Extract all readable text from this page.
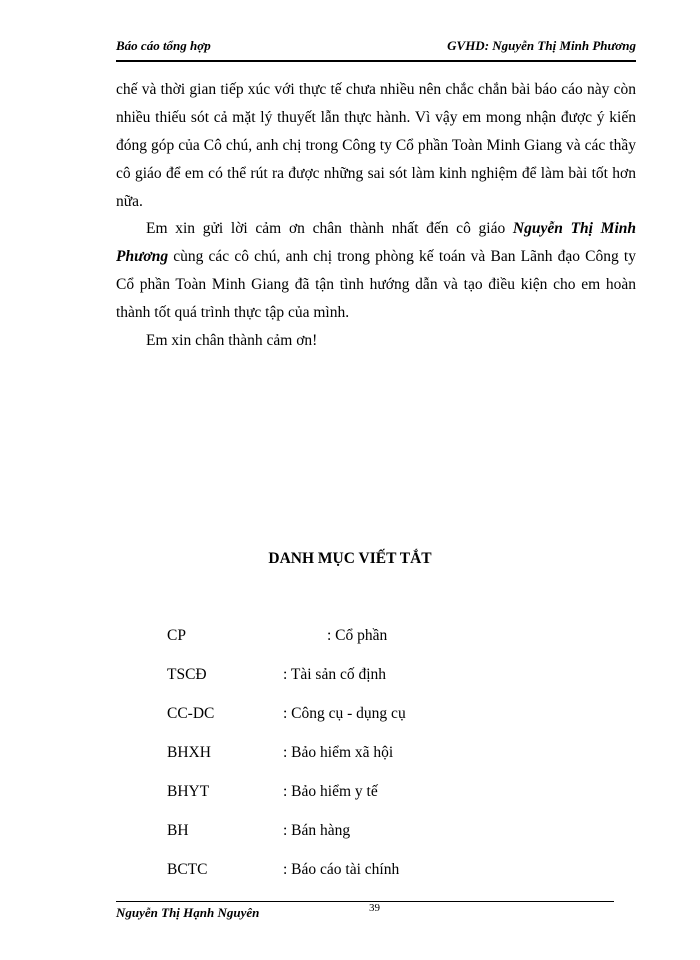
Báo cáo tổng hợp	GVHD: Nguyễn Thị Minh Phương

chế và thời gian tiếp xúc với thực tế chưa nhiều nên chắc chắn bài báo cáo này còn nhiều thiếu sót cả mặt lý thuyết lẫn thực hành. Vì vậy em mong nhận được ý kiến đóng góp của Cô chú, anh chị trong Công ty Cổ phần Toàn Minh Giang và các thầy cô giáo để em có thể rút ra được những sai sót làm kinh nghiệm để làm bài tốt hơn nữa.

Em xin gửi lời cảm ơn chân thành nhất đến cô giáo Nguyễn Thị Minh Phương cùng các cô chú, anh chị trong phòng kế toán và Ban Lãnh đạo Công ty Cổ phần Toàn Minh Giang đã tận tình hướng dẫn và tạo điều kiện cho em hoàn thành tốt quá trình thực tập của mình.

Em xin chân thành cảm ơn!

DANH MỤC VIẾT TẮT
CP	: Cổ phần
TSCĐ	: Tài sản cố định
CC-DC	: Công cụ - dụng cụ
BHXH	: Bảo hiểm xã hội
BHYT	: Bảo hiểm y tế
BH	: Bán hàng
BCTC	: Báo cáo tài chính
Nguyễn Thị Hạnh Nguyên	39
